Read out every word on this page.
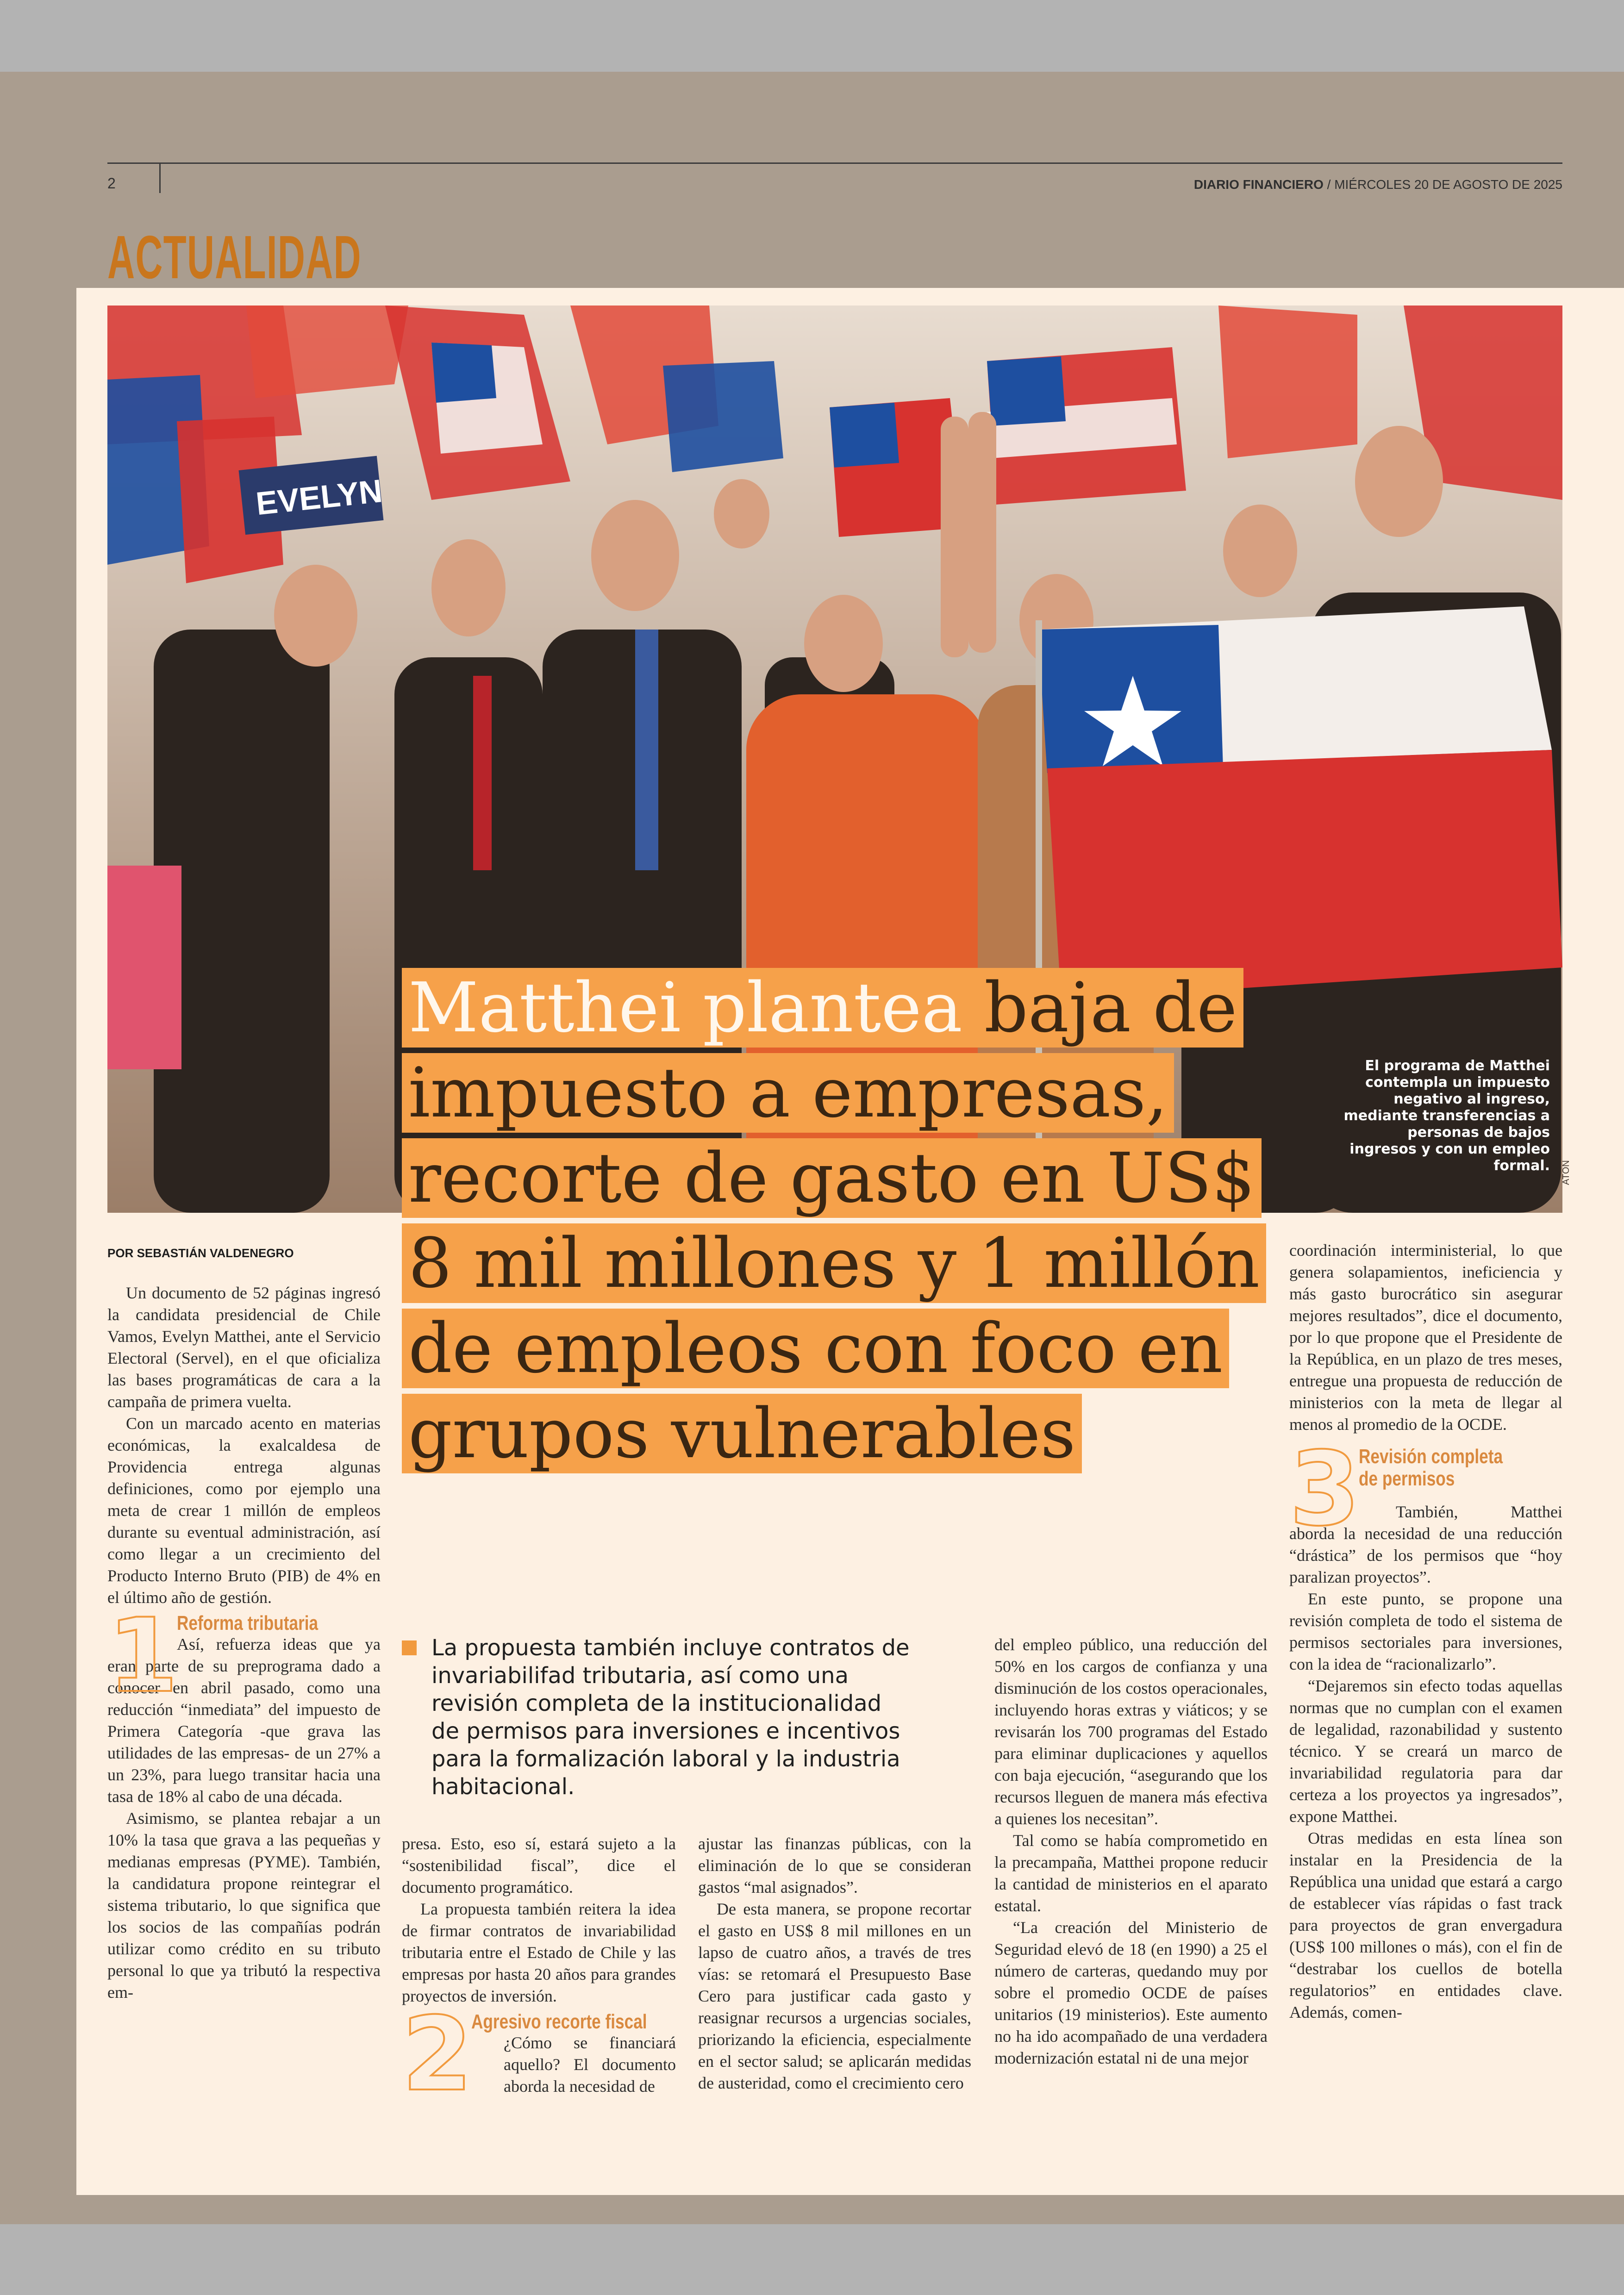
2	DIARIO FINANCIERO / MIÉRCOLES 20 DE AGOSTO DE 2025
ACTUALIDAD
EVELYN
El programa de Matthei contempla un impuesto negativo al ingreso, mediante transferencias a personas de bajos ingresos y con un empleo formal. ATON
Matthei plantea baja de impuesto a empresas, recorte de gasto en US$ 8 mil millones y 1 millón de empleos con foco en grupos vulnerables
POR SEBASTIÁN VALDENEGRO

Un documento de 52 páginas ingresó la candidata presidencial de Chile Vamos, Evelyn Matthei, ante el Servicio Electoral (Servel), en el que oficializa las bases programáticas de cara a la campaña de primera vuelta.

Con un marcado acento en materias económicas, la exalcaldesa de Providencia entrega algunas definiciones, como por ejemplo una meta de crear 1 millón de empleos durante su eventual administración, así como llegar a un crecimiento del Producto Interno Bruto (PIB) de 4% en el último año de gestión.

1
Reforma tributaria

Así, refuerza ideas que ya eran parte de su preprograma dado a conocer en abril pasado, como una reducción “inmediata” del impuesto de Primera Categoría -que grava las utilidades de las empresas- de un 27% a un 23%, para luego transitar hacia una tasa de 18% al cabo de una década.

Asimismo, se plantea rebajar a un 10% la tasa que grava a las pequeñas y medianas empresas (PYME). También, la candidatura propone reintegrar el sistema tributario, lo que significa que los socios de las compañías podrán utilizar como crédito en su tributo personal lo que ya tributó la respectiva em-

La propuesta también incluye contratos de invariabilifad tributaria, así como una revisión completa de la institucionalidad de permisos para inversiones e incentivos para la formalización laboral y la industria habitacional.

presa. Esto, eso sí, estará sujeto a la “sostenibilidad fiscal”, dice el documento programático.

La propuesta también reitera la idea de firmar contratos de invariabilidad tributaria entre el Estado de Chile y las empresas por hasta 20 años para grandes proyectos de inversión.

2
Agresivo recorte fiscal

¿Cómo se financiará aquello? El documento aborda la necesidad de

ajustar las finanzas públicas, con la eliminación de lo que se consideran gastos “mal asignados”.

De esta manera, se propone recortar el gasto en US$ 8 mil millones en un lapso de cuatro años, a través de tres vías: se retomará el Presupuesto Base Cero para justificar cada gasto y reasignar recursos a urgencias sociales, priorizando la eficiencia, especialmente en el sector salud; se aplicarán medidas de austeridad, como el crecimiento cero

del empleo público, una reducción del 50% en los cargos de confianza y una disminución de los costos operacionales, incluyendo horas extras y viáticos; y se revisarán los 700 programas del Estado para eliminar duplicaciones y aquellos con baja ejecución, “asegurando que los recursos lleguen de manera más efectiva a quienes los necesitan”.

Tal como se había comprometido en la precampaña, Matthei propone reducir la cantidad de ministerios en el aparato estatal.

“La creación del Ministerio de Seguridad elevó de 18 (en 1990) a 25 el número de carteras, quedando muy por sobre el promedio OCDE de países unitarios (19 ministerios). Este aumento no ha ido acompañado de una verdadera modernización estatal ni de una mejor

coordinación interministerial, lo que genera solapamientos, ineficiencia y más gasto burocrático sin asegurar mejores resultados”, dice el documento, por lo que propone que el Presidente de la República, en un plazo de tres meses, entregue una propuesta de reducción de ministerios con la meta de llegar al menos al promedio de la OCDE.

3
Revisión completa
de permisos

También, Matthei aborda la necesidad de una reducción “drástica” de los permisos que “hoy paralizan proyectos”.

En este punto, se propone una revisión completa de todo el sistema de permisos sectoriales para inversiones, con la idea de “racionalizarlo”.

“Dejaremos sin efecto todas aquellas normas que no cumplan con el examen de legalidad, razonabilidad y sustento técnico. Y se creará un marco de invariabilidad regulatoria para dar certeza a los proyectos ya ingresados”, expone Matthei.

Otras medidas en esta línea son instalar en la Presidencia de la República una unidad que estará a cargo de establecer vías rápidas o fast track para proyectos de gran envergadura (US$ 100 millones o más), con el fin de “destrabar los cuellos de botella regulatorios” en entidades clave. Además, comen-
